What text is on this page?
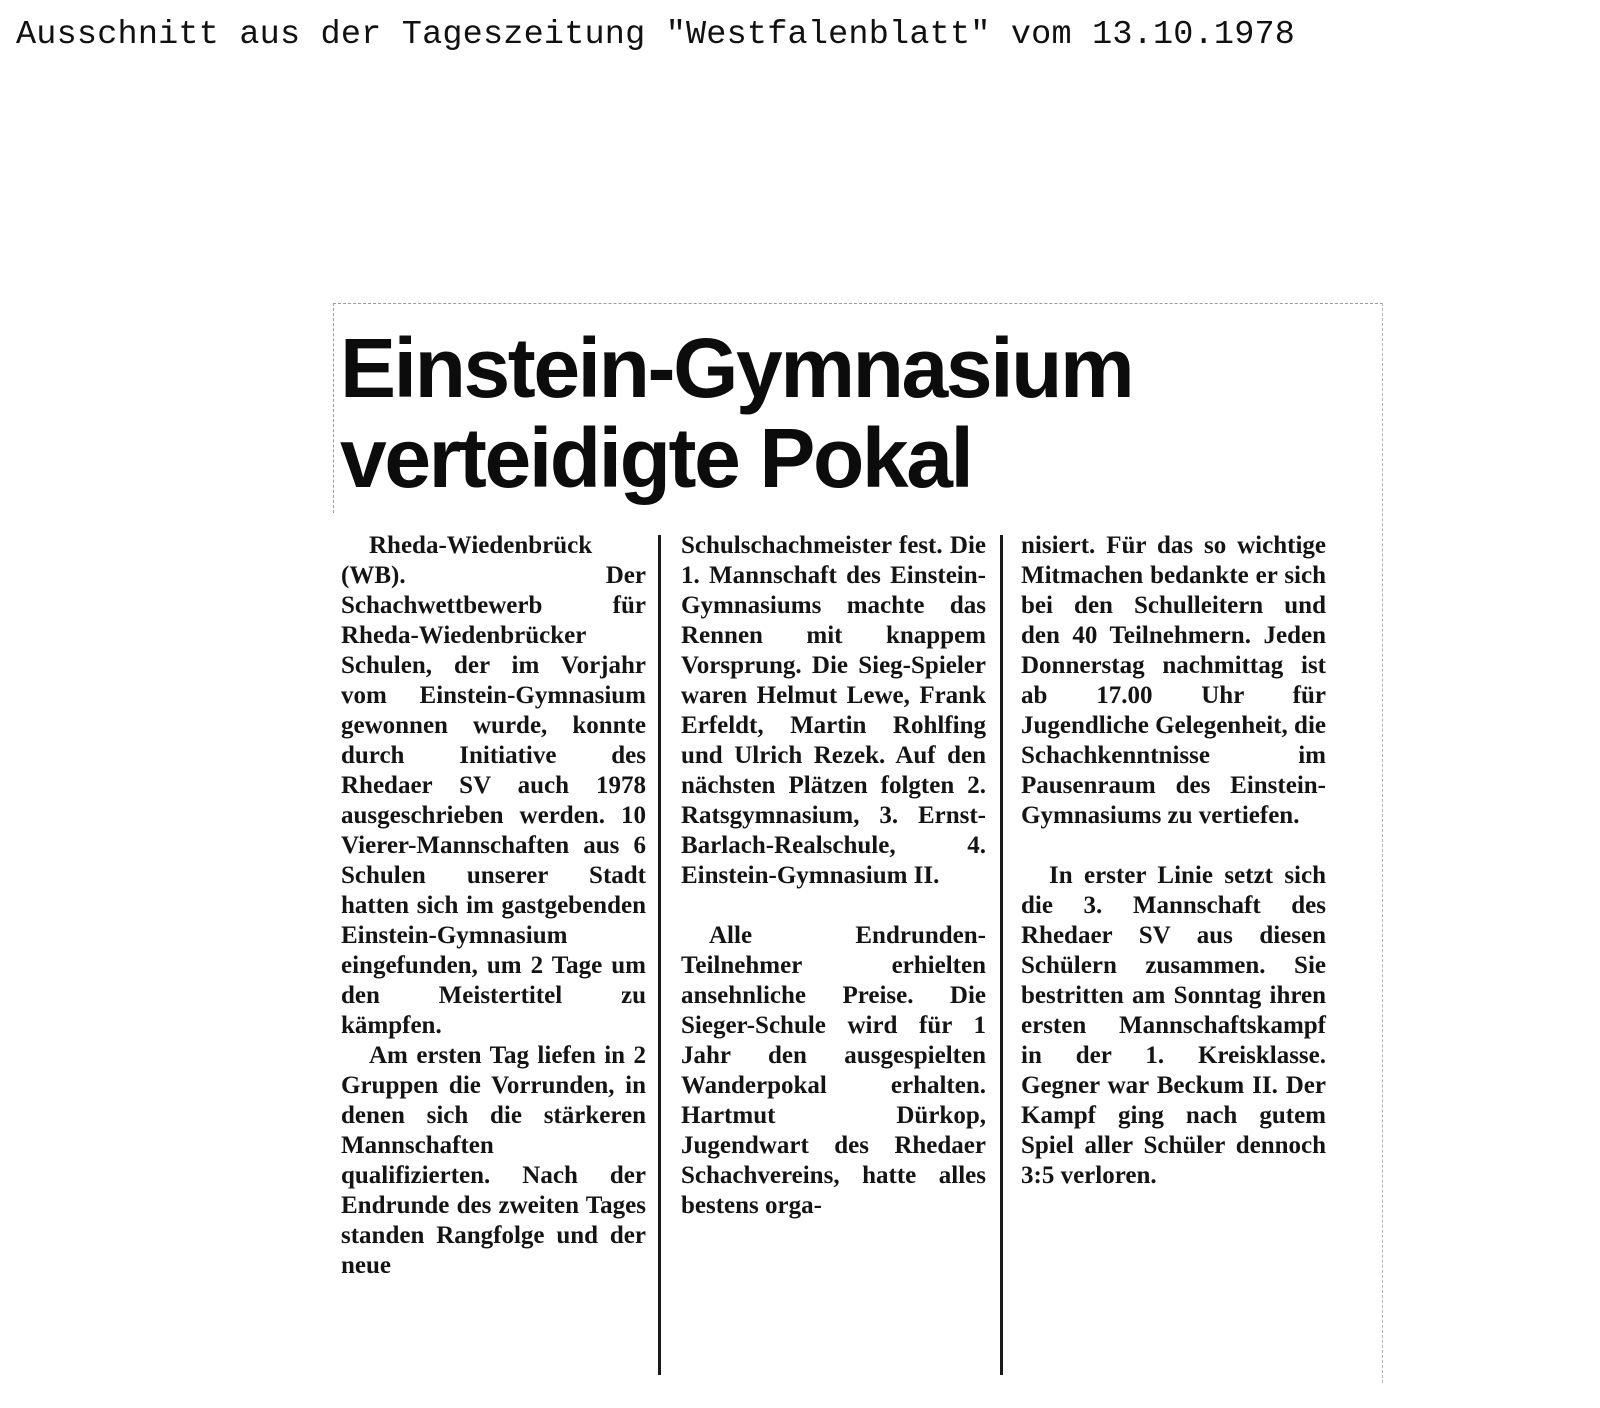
Ausschnitt aus der Tageszeitung "Westfalenblatt" vom 13.10.1978
Einstein-Gymnasium
verteidigte Pokal

Rheda-Wiedenbrück (WB).	Der Schachwettbewerb für Rheda-Wiedenbrücker Schulen, der im Vorjahr vom Einstein-Gymnasium gewonnen wurde, konnte durch Initiative des Rhedaer SV auch 1978 ausgeschrieben werden. 10 Vierer-Mannschaften aus 6 Schulen unserer Stadt hatten sich im gastgebenden Einstein-Gymnasium eingefunden, um 2 Tage um den Meistertitel zu kämpfen.

Am ersten Tag liefen in 2 Gruppen die Vorrunden, in denen sich die stärkeren Mannschaften qualifizierten. Nach der Endrunde des zweiten Tages standen Rangfolge und der neue

Schulschachmeister fest. Die 1. Mannschaft des Einstein-Gymnasiums machte das Rennen mit knappem Vorsprung. Die Sieg-Spieler waren Helmut Lewe, Frank Erfeldt, Martin Rohlfing und Ulrich Rezek. Auf den nächsten Plätzen folgten 2. Ratsgymnasium, 3. Ernst-Barlach-Realschule, 4. Einstein-Gymnasium II.

Alle Endrunden-Teilnehmer erhielten ansehnliche Preise. Die Sieger-Schule wird für 1 Jahr den ausgespielten Wanderpokal erhalten. Hartmut Dürkop, Jugendwart des Rhedaer Schachvereins, hatte alles bestens orga-

nisiert. Für das so wichtige Mitmachen bedankte er sich bei den Schulleitern und den 40 Teilnehmern. Jeden Donnerstag nachmittag ist ab 17.00 Uhr für Jugendliche Gelegenheit, die Schachkenntnisse im Pausenraum des Einstein-Gymnasiums zu vertiefen.

In erster Linie setzt sich die 3. Mannschaft des Rhedaer SV aus diesen Schülern zusammen. Sie bestritten am Sonntag ihren ersten Mannschaftskampf in der 1. Kreisklasse. Gegner war Beckum II. Der Kampf ging nach gutem Spiel aller Schüler dennoch 3:5 verloren.
